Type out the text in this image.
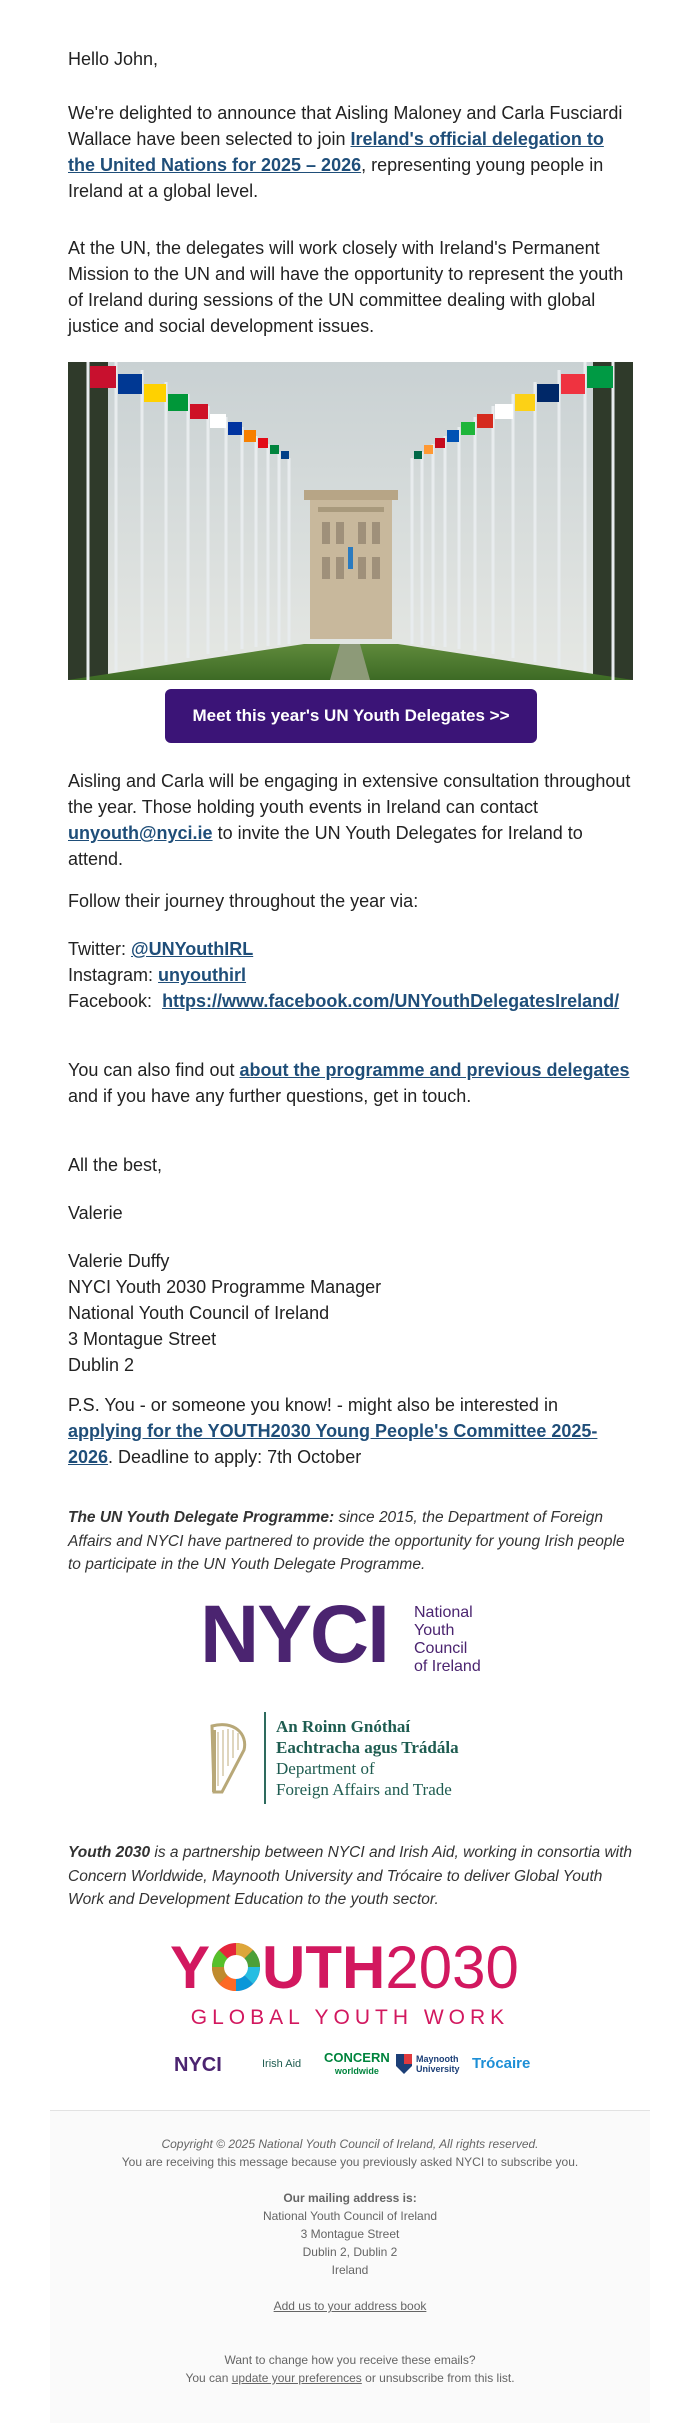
Hello John,

We're delighted to announce that Aisling Maloney and Carla Fusciardi Wallace have been selected to join Ireland's official delegation to the United Nations for 2025 – 2026, representing young people in Ireland at a global level.

At the UN, the delegates will work closely with Ireland's Permanent Mission to the UN and will have the opportunity to represent the youth of Ireland during sessions of the UN committee dealing with global justice and social development issues.

Meet this year's UN Youth Delegates >>

Aisling and Carla will be engaging in extensive consultation throughout the year. Those holding youth events in Ireland can contact unyouth@nyci.ie to invite the UN Youth Delegates for Ireland to attend.

Follow their journey throughout the year via:

Twitter: @UNYouthIRL

Instagram: unyouthirl

Facebook:  https://www.facebook.com/UNYouthDelegatesIreland/

You can also find out about the programme and previous delegates and if you have any further questions, get in touch.

All the best,

Valerie

Valerie Duffy

NYCI Youth 2030 Programme Manager

National Youth Council of Ireland

3 Montague Street

Dublin 2

P.S. You - or someone you know! - might also be interested in applying for the YOUTH2030 Young People's Committee 2025-2026. Deadline to apply: 7th October

The UN Youth Delegate Programme: since 2015, the Department of Foreign Affairs and NYCI have partnered to provide the opportunity for young Irish people to participate in the UN Youth Delegate Programme.

NYCI National
Youth
Council
of Ireland
An Roinn Gnóthaí
Eachtracha agus Trádála
Department of
Foreign Affairs and Trade

Youth 2030 is a partnership between NYCI and Irish Aid, working in consortia with Concern Worldwide, Maynooth University and Trócaire to deliver Global Youth Work and Development Education to the youth sector.

Y UTH2030
GLOBAL YOUTH WORK
NYCI	Irish Aid CONCERN
worldwide
Maynooth
University Trócaire
Copyright © 2025 National Youth Council of Ireland, All rights reserved.
You are receiving this message because you previously asked NYCI to subscribe you.
Our mailing address is:
National Youth Council of Ireland
3 Montague Street
Dublin 2, Dublin 2
Ireland
Add us to your address book
Want to change how you receive these emails?
You can update your preferences or unsubscribe from this list.
